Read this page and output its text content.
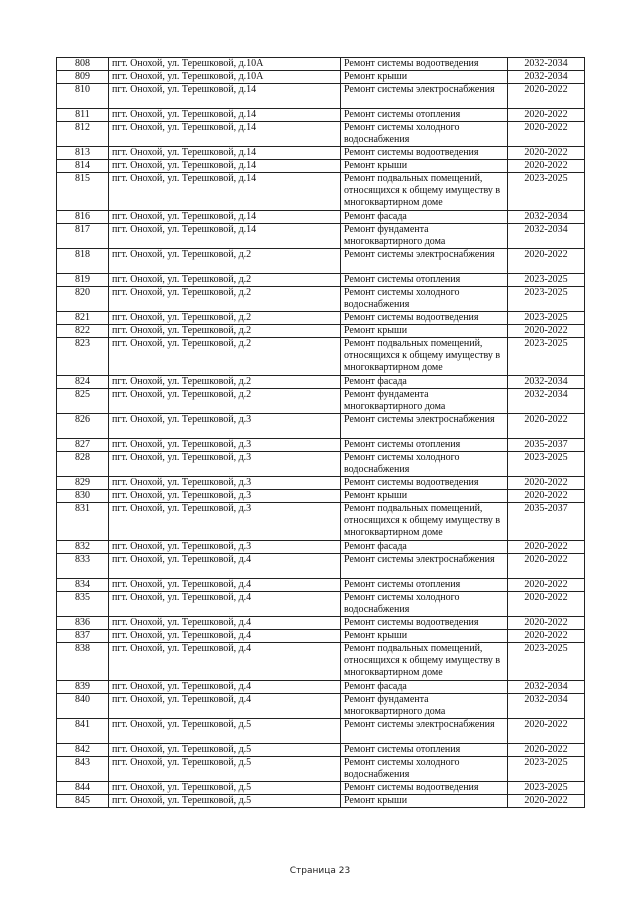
808	пгт. Онохой, ул. Терешковой, д.10А	Ремонт системы водоотведения	2032-2034
809	пгт. Онохой, ул. Терешковой, д.10А	Ремонт крыши	2032-2034
810	пгт. Онохой, ул. Терешковой, д.14	Ремонт системы электроснабжения	2020-2022
811	пгт. Онохой, ул. Терешковой, д.14	Ремонт системы отопления	2020-2022
812	пгт. Онохой, ул. Терешковой, д.14	Ремонт системы холодного водоснабжения	2020-2022
813	пгт. Онохой, ул. Терешковой, д.14	Ремонт системы водоотведения	2020-2022
814	пгт. Онохой, ул. Терешковой, д.14	Ремонт крыши	2020-2022
815	пгт. Онохой, ул. Терешковой, д.14	Ремонт подвальных помещений, относящихся к общему имуществу в многоквартирном доме	2023-2025
816	пгт. Онохой, ул. Терешковой, д.14	Ремонт фасада	2032-2034
817	пгт. Онохой, ул. Терешковой, д.14	Ремонт фундамента многоквартирного дома	2032-2034
818	пгт. Онохой, ул. Терешковой, д.2	Ремонт системы электроснабжения	2020-2022
819	пгт. Онохой, ул. Терешковой, д.2	Ремонт системы отопления	2023-2025
820	пгт. Онохой, ул. Терешковой, д.2	Ремонт системы холодного водоснабжения	2023-2025
821	пгт. Онохой, ул. Терешковой, д.2	Ремонт системы водоотведения	2023-2025
822	пгт. Онохой, ул. Терешковой, д.2	Ремонт крыши	2020-2022
823	пгт. Онохой, ул. Терешковой, д.2	Ремонт подвальных помещений, относящихся к общему имуществу в многоквартирном доме	2023-2025
824	пгт. Онохой, ул. Терешковой, д.2	Ремонт фасада	2032-2034
825	пгт. Онохой, ул. Терешковой, д.2	Ремонт фундамента многоквартирного дома	2032-2034
826	пгт. Онохой, ул. Терешковой, д.3	Ремонт системы электроснабжения	2020-2022
827	пгт. Онохой, ул. Терешковой, д.3	Ремонт системы отопления	2035-2037
828	пгт. Онохой, ул. Терешковой, д.3	Ремонт системы холодного водоснабжения	2023-2025
829	пгт. Онохой, ул. Терешковой, д.3	Ремонт системы водоотведения	2020-2022
830	пгт. Онохой, ул. Терешковой, д.3	Ремонт крыши	2020-2022
831	пгт. Онохой, ул. Терешковой, д.3	Ремонт подвальных помещений, относящихся к общему имуществу в многоквартирном доме	2035-2037
832	пгт. Онохой, ул. Терешковой, д.3	Ремонт фасада	2020-2022
833	пгт. Онохой, ул. Терешковой, д.4	Ремонт системы электроснабжения	2020-2022
834	пгт. Онохой, ул. Терешковой, д.4	Ремонт системы отопления	2020-2022
835	пгт. Онохой, ул. Терешковой, д.4	Ремонт системы холодного водоснабжения	2020-2022
836	пгт. Онохой, ул. Терешковой, д.4	Ремонт системы водоотведения	2020-2022
837	пгт. Онохой, ул. Терешковой, д.4	Ремонт крыши	2020-2022
838	пгт. Онохой, ул. Терешковой, д.4	Ремонт подвальных помещений, относящихся к общему имуществу в многоквартирном доме	2023-2025
839	пгт. Онохой, ул. Терешковой, д.4	Ремонт фасада	2032-2034
840	пгт. Онохой, ул. Терешковой, д.4	Ремонт фундамента многоквартирного дома	2032-2034
841	пгт. Онохой, ул. Терешковой, д.5	Ремонт системы электроснабжения	2020-2022
842	пгт. Онохой, ул. Терешковой, д.5	Ремонт системы отопления	2020-2022
843	пгт. Онохой, ул. Терешковой, д.5	Ремонт системы холодного водоснабжения	2023-2025
844	пгт. Онохой, ул. Терешковой, д.5	Ремонт системы водоотведения	2023-2025
845	пгт. Онохой, ул. Терешковой, д.5	Ремонт крыши	2020-2022
Страница 23
